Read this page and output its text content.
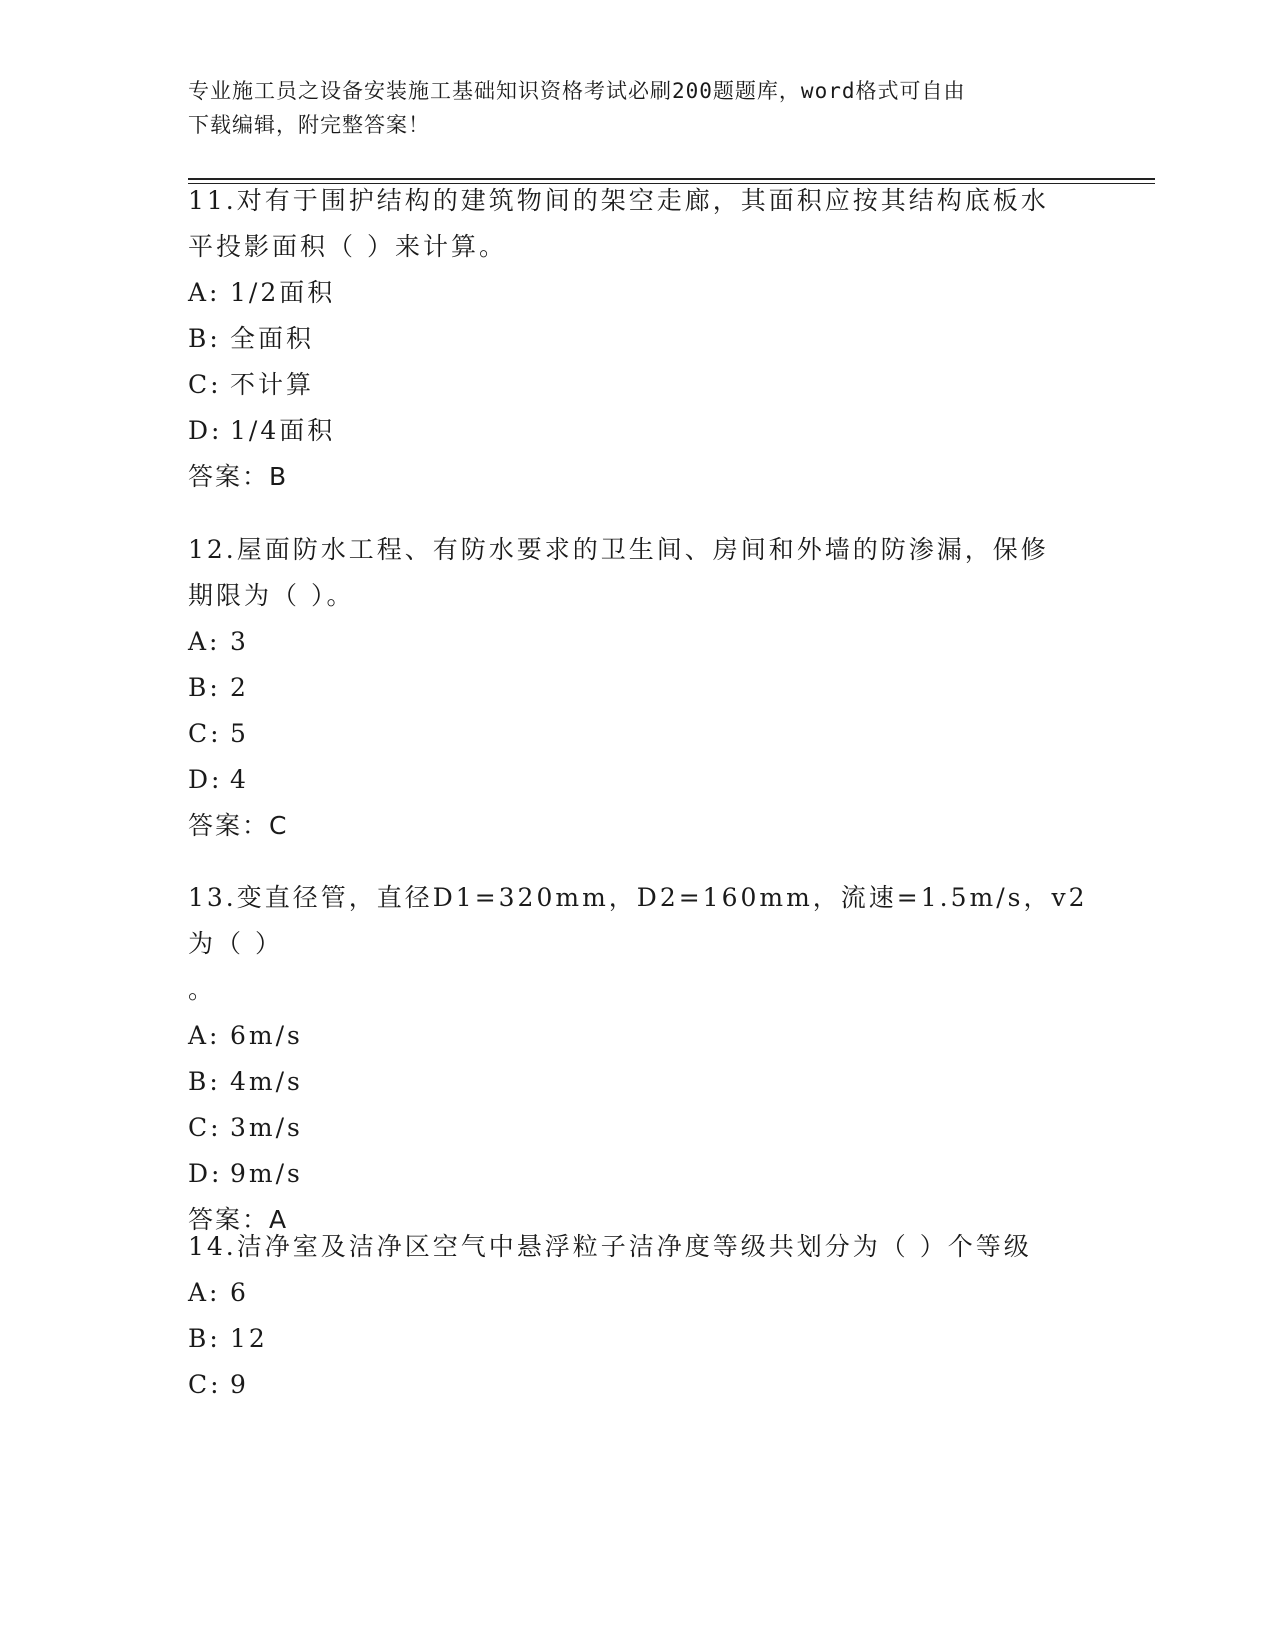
专业施工员之设备安装施工基础知识资格考试必刷200题题库，word格式可自由
下载编辑，附完整答案！

11.对有于围护结构的建筑物间的架空走廊，其面积应按其结构底板水

平投影面积（ ）来计算。

A: 1/2面积

B: 全面积

C: 不计算

D: 1/4面积

答案：B

12.屋面防水工程、有防水要求的卫生间、房间和外墙的防渗漏，保修

期限为（ ）。

A: 3

B: 2

C: 5

D: 4

答案：C

13.变直径管，直径D1=320mm，D2=160mm，流速=1.5m/s，v2为（ ）

。

A: 6m/s

B: 4m/s

C: 3m/s

D: 9m/s

答案：A

14.洁净室及洁净区空气中悬浮粒子洁净度等级共划分为（ ）个等级

A: 6

B: 12

C: 9
